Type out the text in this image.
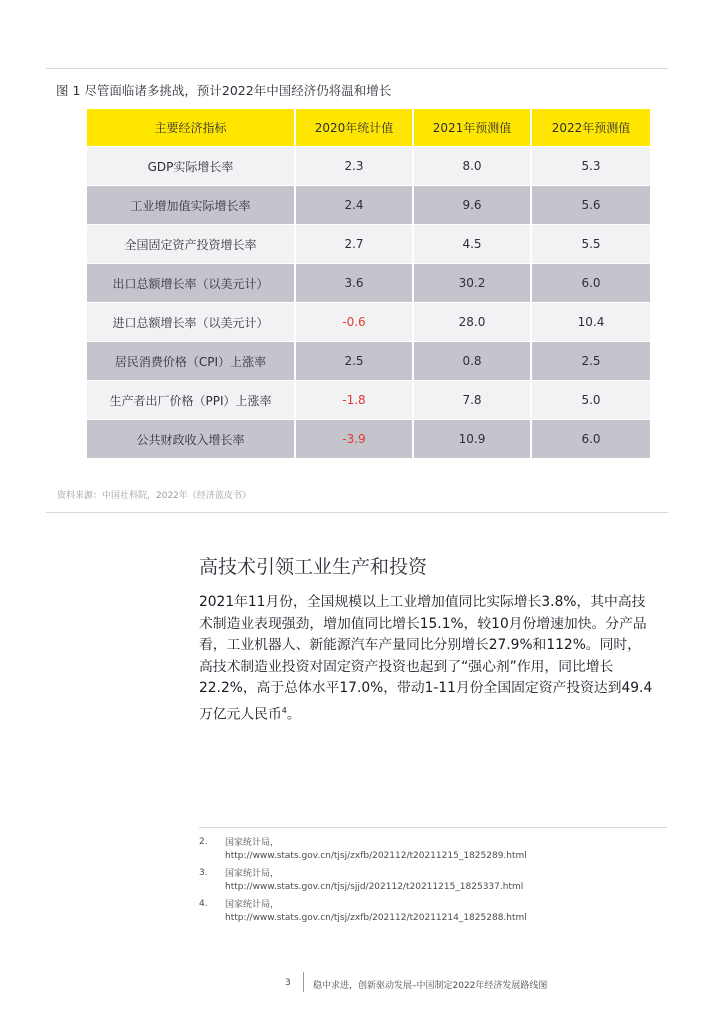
图 1 尽管面临诸多挑战，预计2022年中国经济仍将温和增长
主要经济指标	2020年统计值	2021年预测值	2022年预测值
GDP实际增长率	2.3	8.0	5.3
工业增加值实际增长率	2.4	9.6	5.6
全国固定资产投资增长率	2.7	4.5	5.5
出口总额增长率（以美元计）	3.6	30.2	6.0
进口总额增长率（以美元计）	-0.6	28.0	10.4
居民消费价格（CPI）上涨率	2.5	0.8	2.5
生产者出厂价格（PPI）上涨率	-1.8	7.8	5.0
公共财政收入增长率	-3.9	10.9	6.0
资料来源：中国社科院，2022年《经济蓝皮书》
高技术引领工业生产和投资

2021年11月份，全国规模以上工业增加值同比实际增长3.8%，其中高技术制造业表现强劲，增加值同比增长15.1%，较10月份增速加快。分产品看，工业机器人、新能源汽车产量同比分别增长27.9%和112%。同时，高技术制造业投资对固定资产投资也起到了“强心剂”作用，同比增长22.2%，高于总体水平17.0%，带动1-11月份全国固定资产投资达到49.4万亿元人民币$^4$。

2.	国家统计局，
http://www.stats.gov.cn/tjsj/zxfb/202112/t20211215_1825289.html
3.	国家统计局，
http://www.stats.gov.cn/tjsj/sjjd/202112/t20211215_1825337.html
4.	国家统计局，
http://www.stats.gov.cn/tjsj/zxfb/202112/t20211214_1825288.html
3 稳中求进，创新驱动发展–中国制定2022年经济发展路线图
